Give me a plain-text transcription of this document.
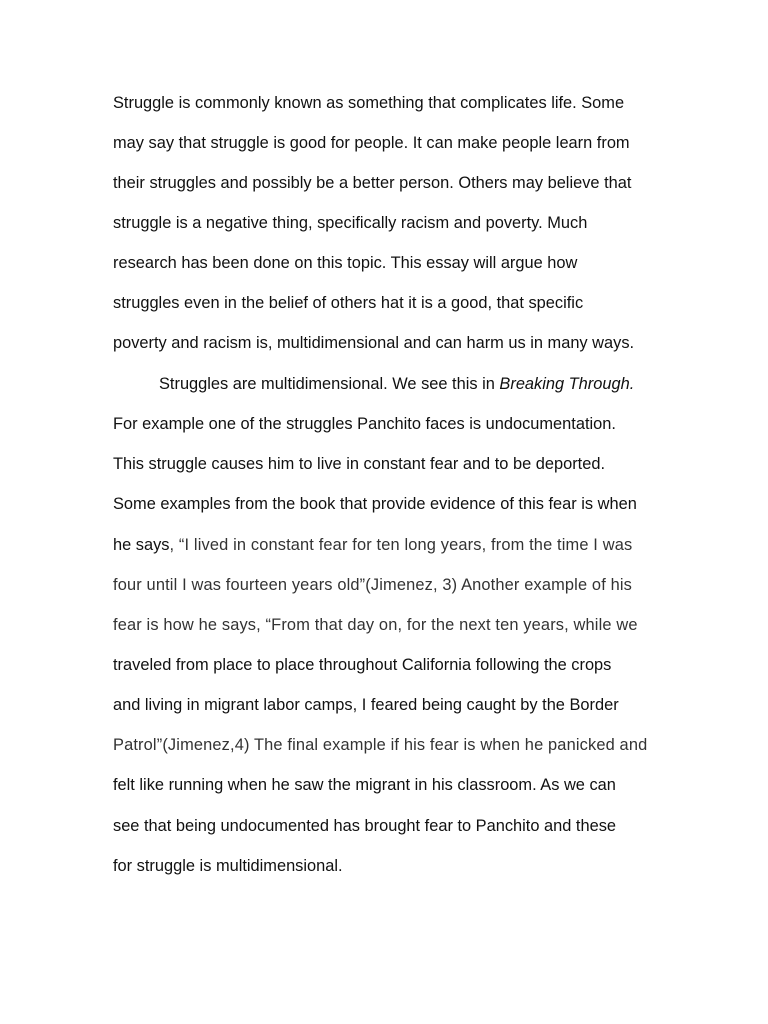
Struggle is commonly known as something that complicates life. Some
may say that struggle is good for people. It can make people learn from
their struggles and possibly be a better person. Others may believe that
struggle is a negative thing, specifically racism and poverty. Much
research has been done on this topic. This essay will argue how
struggles even in the belief of others hat it is a good, that specific
poverty and racism is, multidimensional and can harm us in many ways.
Struggles are multidimensional. We see this in Breaking Through.
For example one of the struggles Panchito faces is undocumentation.
This struggle causes him to live in constant fear and to be deported.
Some examples from the book that provide evidence of this fear is when
he says, “I lived in constant fear for ten long years, from the time I was
four until I was fourteen years old”(Jimenez, 3) Another example of his
fear is how he says, “From that day on, for the next ten years, while we
traveled from place to place throughout California following the crops
and living in migrant labor camps, I feared being caught by the Border
Patrol”(Jimenez,4) The final example if his fear is when he panicked and
felt like running when he saw the migrant in his classroom. As we can
see that being undocumented has brought fear to Panchito and these
for struggle is multidimensional.
